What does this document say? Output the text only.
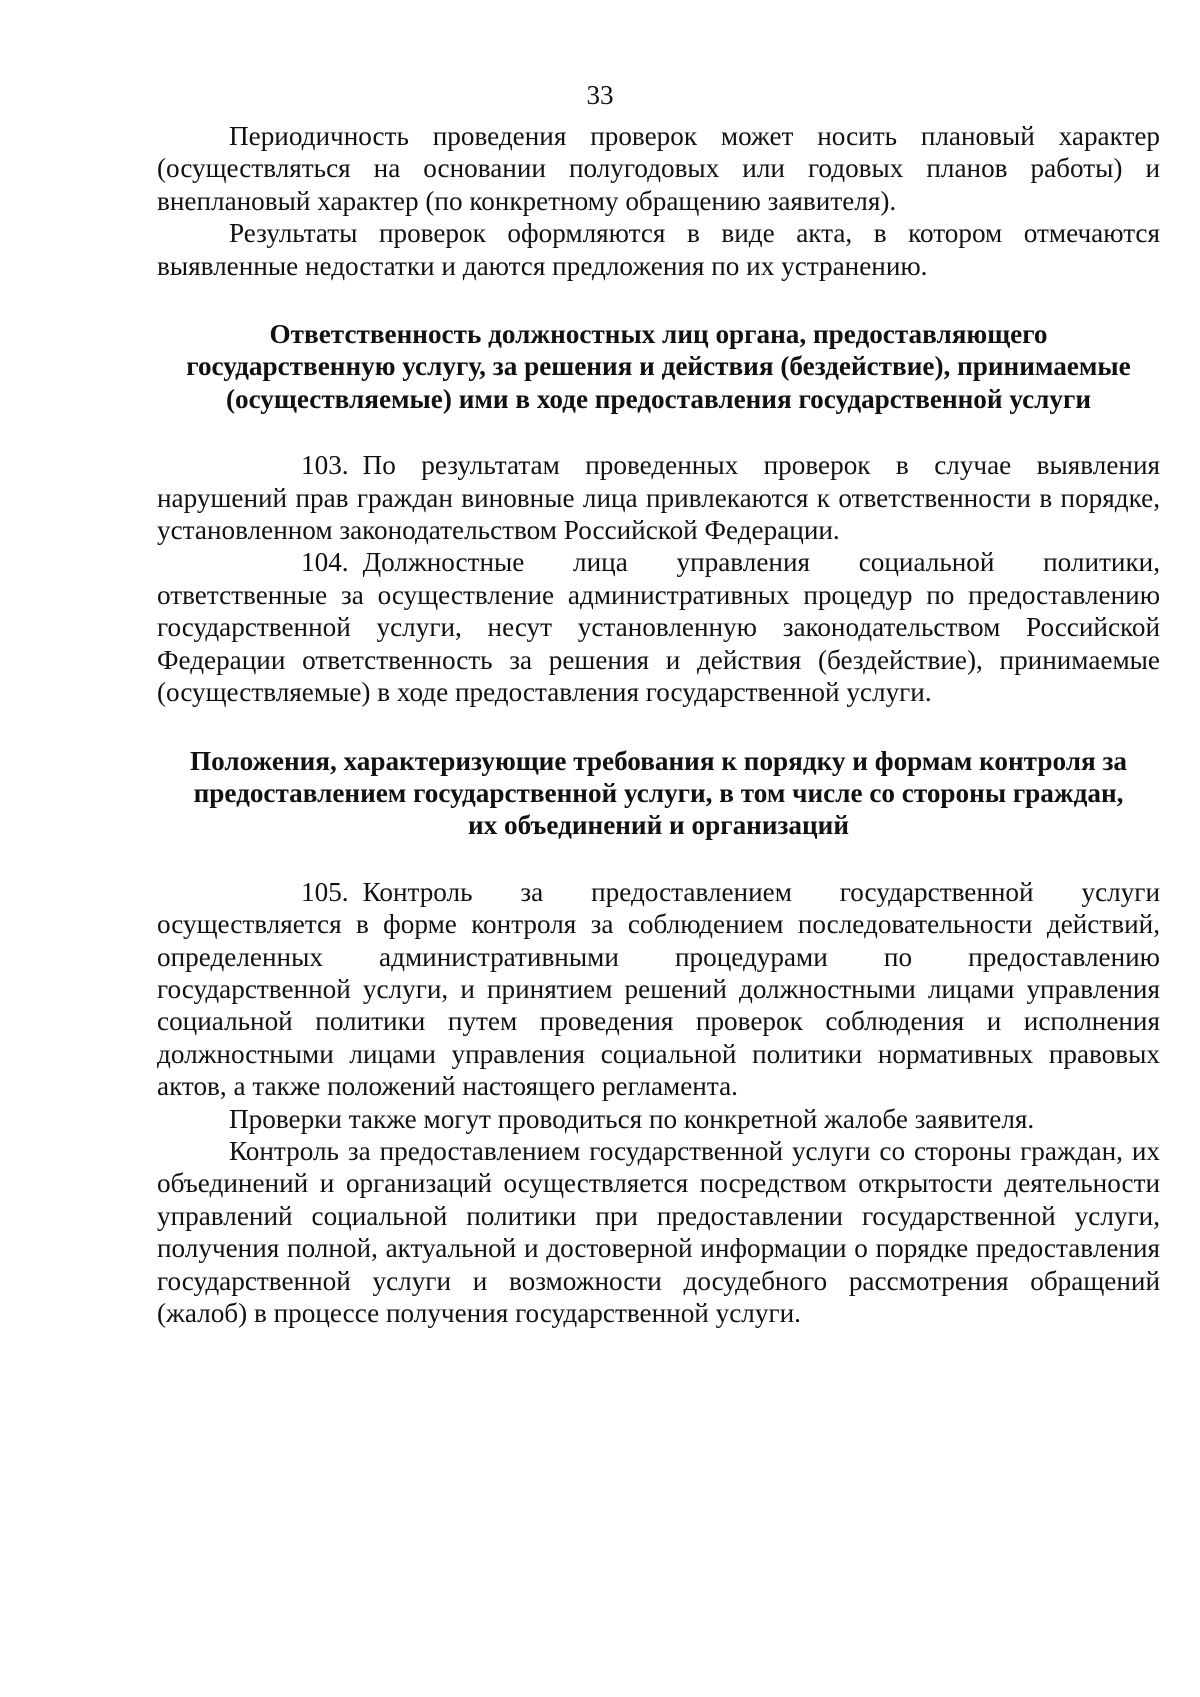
33

Периодичность проведения проверок может носить плановый характер (осуществляться на основании полугодовых или годовых планов работы) и внеплановый характер (по конкретному обращению заявителя).

Результаты проверок оформляются в виде акта, в котором отмечаются выявленные недостатки и даются предложения по их устранению.

Ответственность должностных лиц органа, предоставляющего государственную услугу, за решения и действия (бездействие), принимаемые (осуществляемые) ими в ходе предоставления государственной услуги

103. По результатам проведенных проверок в случае выявления нарушений прав граждан виновные лица привлекаются к ответственности в порядке, установленном законодательством Российской Федерации.

104. Должностные лица управления социальной политики, ответственные за осуществление административных процедур по предоставлению государственной услуги, несут установленную законодательством Российской Федерации ответственность за решения и действия (бездействие), принимаемые (осуществляемые) в ходе предоставления государственной услуги.

Положения, характеризующие требования к порядку и формам контроля за предоставлением государственной услуги, в том числе со стороны граждан, их объединений и организаций

105. Контроль за предоставлением государственной услуги осуществляется в форме контроля за соблюдением последовательности действий, определенных административными процедурами по предоставлению государственной услуги, и принятием решений должностными лицами управления социальной политики путем проведения проверок соблюдения и исполнения должностными лицами управления социальной политики нормативных правовых актов, а также положений настоящего регламента.

Проверки также могут проводиться по конкретной жалобе заявителя.

Контроль за предоставлением государственной услуги со стороны граждан, их объединений и организаций осуществляется посредством открытости деятельности управлений социальной политики при предоставлении государственной услуги, получения полной, актуальной и достоверной информации о порядке предоставления государственной услуги и возможности досудебного рассмотрения обращений (жалоб) в процессе получения государственной услуги.
